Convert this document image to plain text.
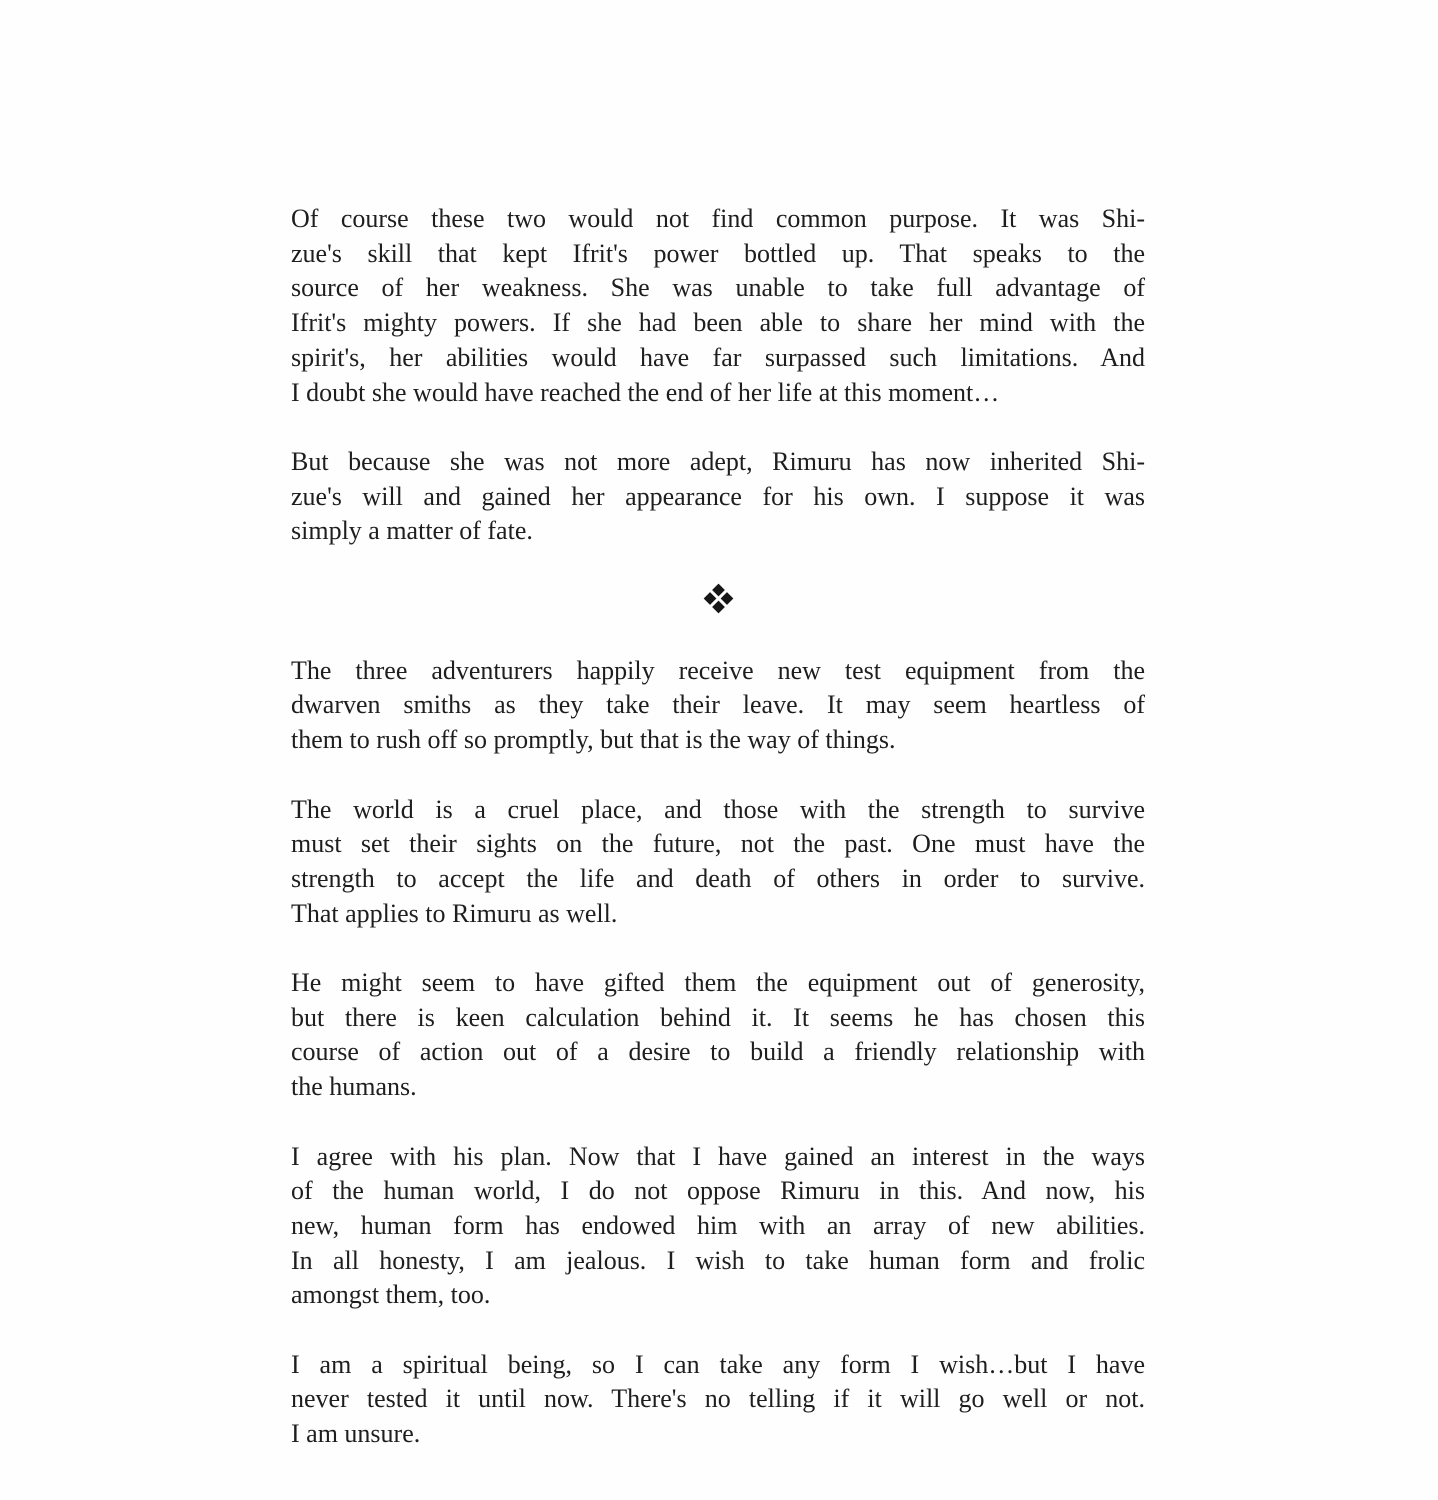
Of course these two would not find common purpose. It was Shi-
zue's skill that kept Ifrit's power bottled up. That speaks to the
source of her weakness. She was unable to take full advantage of
Ifrit's mighty powers. If she had been able to share her mind with the
spirit's, her abilities would have far surpassed such limitations. And
I doubt she would have reached the end of her life at this moment…
But because she was not more adept, Rimuru has now inherited Shi-
zue's will and gained her appearance for his own. I suppose it was
simply a matter of fate.
The three adventurers happily receive new test equipment from the
dwarven smiths as they take their leave. It may seem heartless of
them to rush off so promptly, but that is the way of things.
The world is a cruel place, and those with the strength to survive
must set their sights on the future, not the past. One must have the
strength to accept the life and death of others in order to survive.
That applies to Rimuru as well.
He might seem to have gifted them the equipment out of generosity,
but there is keen calculation behind it. It seems he has chosen this
course of action out of a desire to build a friendly relationship with
the humans.
I agree with his plan. Now that I have gained an interest in the ways
of the human world, I do not oppose Rimuru in this. And now, his
new, human form has endowed him with an array of new abilities.
In all honesty, I am jealous. I wish to take human form and frolic
amongst them, too.
I am a spiritual being, so I can take any form I wish…but I have
never tested it until now. There's no telling if it will go well or not.
I am unsure.
